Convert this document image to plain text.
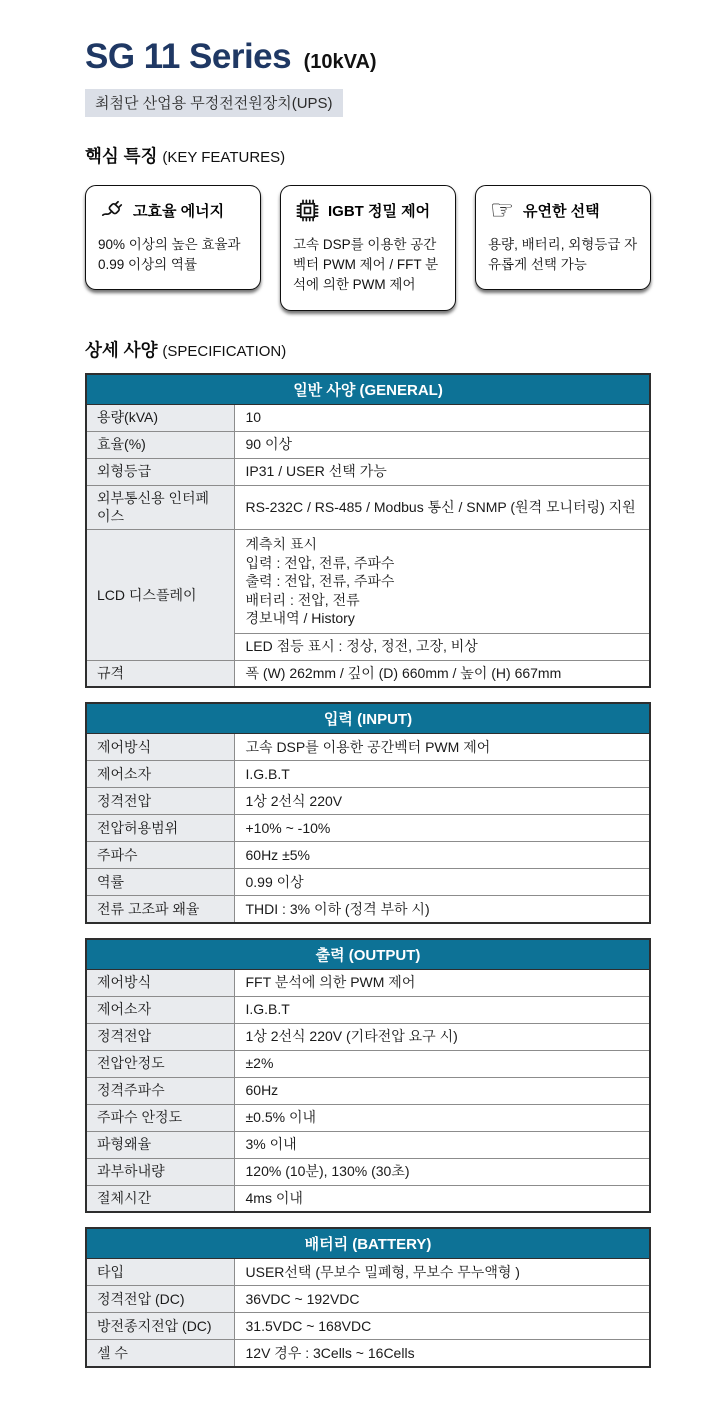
SG 11 Series (10kVA)
최첨단 산업용 무정전전원장치(UPS)
핵심 특징 (KEY FEATURES)
고효율 에너지
90% 이상의 높은 효율과 0.99 이상의 역률
IGBT 정밀 제어
고속 DSP를 이용한 공간 벡터 PWM 제어 / FFT 분석에 의한 PWM 제어
☞ 유연한 선택
용량, 배터리, 외형등급 자유롭게 선택 가능
상세 사양 (SPECIFICATION)
일반 사양 (GENERAL)	
용량(kVA)	10
효율(%)	90 이상
외형등급	IP31 / USER 선택 가능
외부통신용 인터페이스	RS-232C / RS-485 / Modbus 통신 / SNMP (원격 모니터링) 지원
LCD 디스플레이	계측치 표시
입력 : 전압, 전류, 주파수
출력 : 전압, 전류, 주파수
배터리 : 전압, 전류
경보내역 / History

	LED 점등 표시 : 정상, 정전, 고장, 비상
규격	폭 (W) 262mm / 깊이 (D) 660mm / 높이 (H) 667mm
입력 (INPUT)	
제어방식	고속 DSP를 이용한 공간벡터 PWM 제어
제어소자	I.G.B.T
정격전압	1상 2선식 220V
전압허용범위	+10% ~ -10%
주파수	60Hz ±5%
역률	0.99 이상
전류 고조파 왜율	THDI : 3% 이하 (정격 부하 시)
출력 (OUTPUT)	
제어방식	FFT 분석에 의한 PWM 제어
제어소자	I.G.B.T
정격전압	1상 2선식 220V (기타전압 요구 시)
전압안정도	±2%
정격주파수	60Hz
주파수 안정도	±0.5% 이내
파형왜율	3% 이내
과부하내량	120% (10분), 130% (30초)
절체시간	4ms 이내
배터리 (BATTERY)	
타입	USER선택 (무보수 밀폐형, 무보수 무누액형 )
정격전압 (DC)	36VDC ~ 192VDC
방전종지전압 (DC)	31.5VDC ~ 168VDC
셀 수	12V 경우 : 3Cells ~ 16Cells
